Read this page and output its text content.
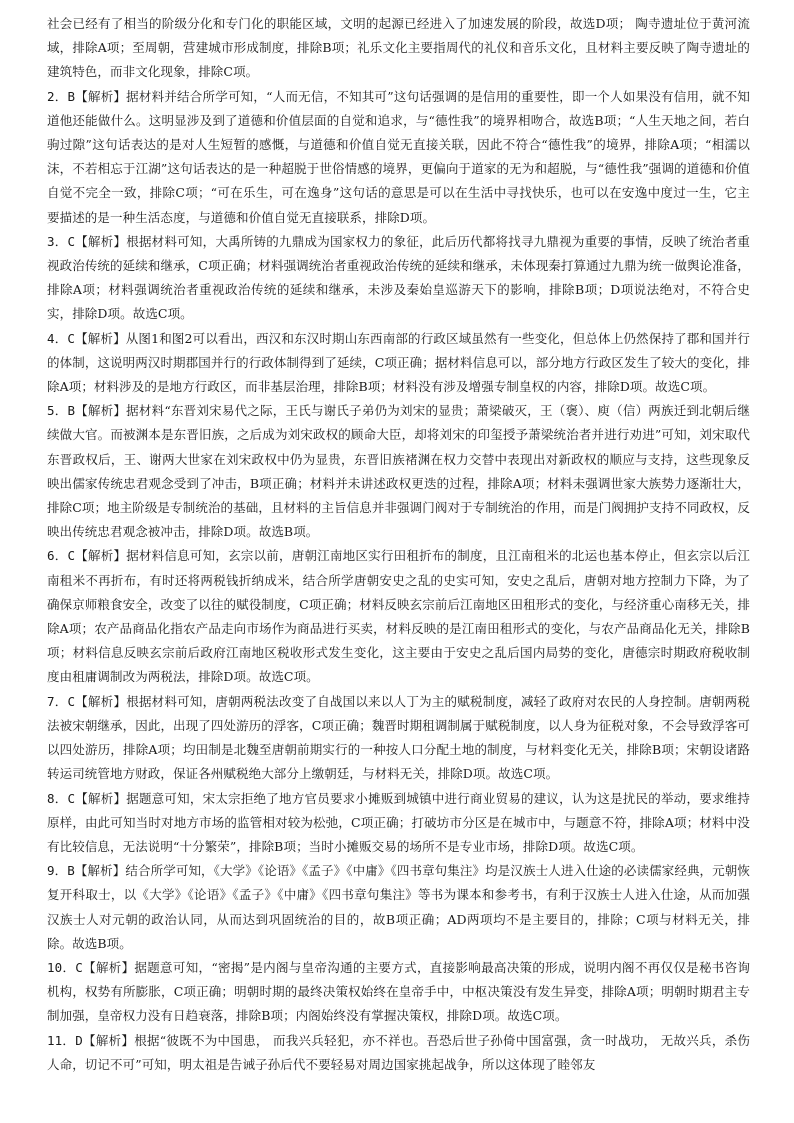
社会已经有了相当的阶级分化和专门化的职能区域，文明的起源已经进入了加速发展的阶段，故选D项； 陶寺遗址位于黄河流域，排除A项；至周朝，营建城市形成制度，排除B项；礼乐文化主要指周代的礼仪和音乐文化，且材料主要反映了陶寺遗址的建筑特色，而非文化现象，排除C项。

2．B【解析】据材料并结合所学可知，“人而无信，不知其可”这句话强调的是信用的重要性，即一个人如果没有信用，就不知道他还能做什么。这明显涉及到了道德和价值层面的自觉和追求，与“德性我”的境界相吻合，故选B项；“人生天地之间，若白驹过隙”这句话表达的是对人生短暂的感慨，与道德和价值自觉无直接关联，因此不符合“德性我”的境界，排除A项；“相濡以沫，不若相忘于江湖”这句话表达的是一种超脱于世俗情感的境界，更偏向于道家的无为和超脱，与“德性我”强调的道德和价值自觉不完全一致，排除C项；“可在乐生，可在逸身”这句话的意思是可以在生活中寻找快乐，也可以在安逸中度过一生，它主要描述的是一种生活态度，与道德和价值自觉无直接联系，排除D项。

3．C【解析】根据材料可知，大禹所铸的九鼎成为国家权力的象征，此后历代都将找寻九鼎视为重要的事情，反映了统治者重视政治传统的延续和继承，C项正确；材料强调统治者重视政治传统的延续和继承，未体现秦打算通过九鼎为统一做舆论准备，排除A项；材料强调统治者重视政治传统的延续和继承，未涉及秦始皇巡游天下的影响，排除B项；D项说法绝对，不符合史实，排除D项。故选C项。

4．C【解析】从图1和图2可以看出，西汉和东汉时期山东西南部的行政区域虽然有一些变化，但总体上仍然保持了郡和国并行的体制，这说明两汉时期郡国并行的行政体制得到了延续，C项正确；据材料信息可以，部分地方行政区发生了较大的变化，排除A项；材料涉及的是地方行政区，而非基层治理，排除B项；材料没有涉及增强专制皇权的内容，排除D项。故选C项。

5．B【解析】据材料“东晋刘宋易代之际，王氏与谢氏子弟仍为刘宋的显贵；萧梁破灭，王（褒）、庾（信）两族迁到北朝后继续做大官。而被渊本是东晋旧族，之后成为刘宋政权的顾命大臣，却将刘宋的印玺授予萧梁统治者并进行劝进”可知，刘宋取代东晋政权后，王、谢两大世家在刘宋政权中仍为显贵，东晋旧族褚渊在权力交替中表现出对新政权的顺应与支持，这些现象反映出儒家传统忠君观念受到了冲击，B项正确；材料并未讲述政权更迭的过程，排除A项；材料未强调世家大族势力逐渐壮大，排除C项；地主阶级是专制统治的基础，且材料的主旨信息并非强调门阀对于专制统治的作用，而是门阀拥护支持不同政权，反映出传统忠君观念被冲击，排除D项。故选B项。

6．C【解析】据材料信息可知，玄宗以前，唐朝江南地区实行田租折布的制度，且江南租米的北运也基本停止，但玄宗以后江南租米不再折布，有时还将两税钱折纳成米，结合所学唐朝安史之乱的史实可知，安史之乱后，唐朝对地方控制力下降，为了确保京师粮食安全，改变了以往的赋役制度，C项正确；材料反映玄宗前后江南地区田租形式的变化，与经济重心南移无关，排除A项；农产品商品化指农产品走向市场作为商品进行买卖，材料反映的是江南田租形式的变化，与农产品商品化无关，排除B项；材料信息反映玄宗前后政府江南地区税收形式发生变化，这主要由于安史之乱后国内局势的变化，唐德宗时期政府税收制度由租庸调制改为两税法，排除D项。故选C项。

7．C【解析】根据材料可知，唐朝两税法改变了自战国以来以人丁为主的赋税制度，减轻了政府对农民的人身控制。唐朝两税法被宋朝继承，因此，出现了四处游历的浮客，C项正确；魏晋时期租调制属于赋税制度，以人身为征税对象，不会导致浮客可以四处游历，排除A项；均田制是北魏至唐朝前期实行的一种按人口分配土地的制度，与材料变化无关，排除B项；宋朝设诸路转运司统管地方财政，保证各州赋税绝大部分上缴朝廷，与材料无关，排除D项。故选C项。

8．C【解析】据题意可知，宋太宗拒绝了地方官员要求小摊贩到城镇中进行商业贸易的建议，认为这是扰民的举动，要求维持原样，由此可知当时对地方市场的监管相对较为松弛，C项正确；打破坊市分区是在城市中，与题意不符，排除A项；材料中没有比较信息，无法说明“十分繁荣”，排除B项；当时小摊贩交易的场所不是专业市场，排除D项。故选C项。

9．B【解析】结合所学可知，《大学》《论语》《孟子》《中庸》《四书章句集注》均是汉族士人进入仕途的必读儒家经典，元朝恢复开科取士，以《大学》《论语》《孟子》《中庸》《四书章句集注》等书为课本和参考书，有利于汉族士人进入仕途，从而加强汉族士人对元朝的政治认同，从而达到巩固统治的目的，故B项正确；AD两项均不是主要目的，排除；C项与材料无关，排除。故选B项。

10．C【解析】据题意可知，“密揭”是内阁与皇帝沟通的主要方式，直接影响最高决策的形成，说明内阁不再仅仅是秘书咨询机构，权势有所膨胀，C项正确；明朝时期的最终决策权始终在皇帝手中，中枢决策没有发生异变，排除A项；明朝时期君主专制加强，皇帝权力没有日趋衰落，排除B项；内阁始终没有掌握决策权，排除D项。故选C项。

11．D【解析】根据“彼既不为中国患， 而我兴兵轻犯，亦不祥也。吾恐后世子孙倚中国富强，贪一时战功， 无故兴兵，杀伤人命，切记不可”可知，明太祖是告诫子孙后代不要轻易对周边国家挑起战争，所以这体现了睦邻友
